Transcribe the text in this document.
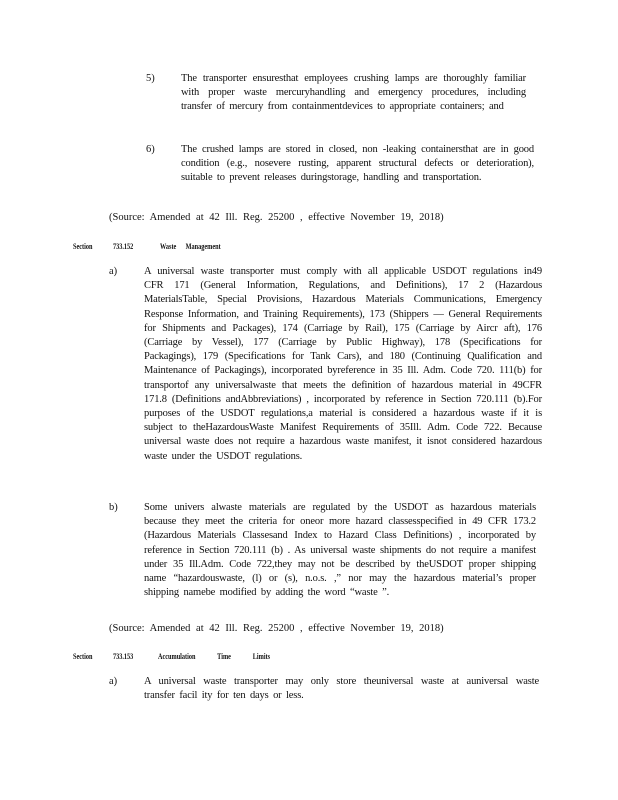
5)	The transporter ensuresthat employees crushing lamps are thoroughly familiar with proper waste mercuryhandling and emergency procedures, including transfer of mercury from containmentdevices to appropriate containers; and
6)	The crushed lamps are stored in closed, non -leaking containersthat are in good condition (e.g., nosevere rusting, apparent structural defects or deterioration), suitable to prevent releases duringstorage, handling and transportation.
(Source: Amended at 42 Ill. Reg. 25200 , effective November 19, 2018)
Section	733.152	Waste Management
a)	A universal waste transporter must comply with all applicable USDOT regulations in49 CFR 171 (General Information, Regulations, and Definitions), 17 2 (Hazardous MaterialsTable, Special Provisions, Hazardous Materials Communications, Emergency Response Information, and Training Requirements), 173 (Shippers — General Requirements for Shipments and Packages), 174 (Carriage by Rail), 175 (Carriage by Aircr aft), 176 (Carriage by Vessel), 177 (Carriage by Public Highway), 178 (Specifications for Packagings), 179 (Specifications for Tank Cars), and 180 (Continuing Qualification and Maintenance of Packagings), incorporated byreference in 35 Ill. Adm. Code 720. 111(b) for transportof any universalwaste that meets the definition of hazardous material in 49CFR 171.8 (Definitions andAbbreviations) , incorporated by reference in Section 720.111 (b).For purposes of the USDOT regulations,a material is considered a hazardous waste if it is subject to theHazardousWaste Manifest Requirements of 35Ill. Adm. Code 722. Because universal waste does not require a hazardous waste manifest, it isnot considered hazardous waste under the USDOT regulations.
b)	Some univers alwaste materials are regulated by the USDOT as hazardous materials because they meet the criteria for oneor more hazard classesspecified in 49 CFR 173.2 (Hazardous Materials Classesand Index to Hazard Class Definitions) , incorporated by reference in Section 720.111 (b) . As universal waste shipments do not require a manifest under 35 Ill.Adm. Code 722,they may not be described by theUSDOT proper shipping name “hazardouswaste, (l) or (s), n.o.s. ,” nor may the hazardous material’s proper shipping namebe modified by adding the word “waste ”.
(Source: Amended at 42 Ill. Reg. 25200 , effective November 19, 2018)
Section	733.153	Accumulation Time Limits
a)	A universal waste transporter may only store theuniversal waste at auniversal waste transfer facil ity for ten days or less.
